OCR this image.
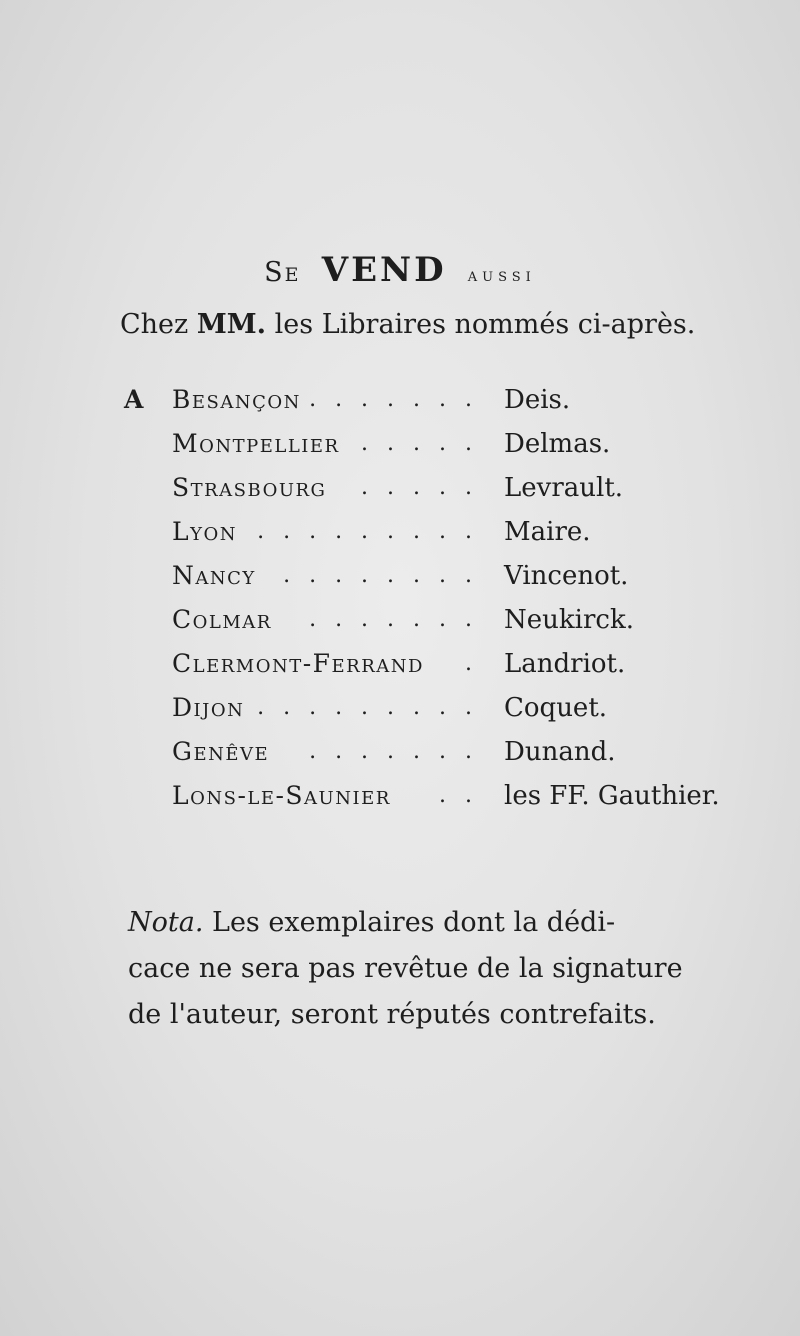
Se VEND aussi
Chez MM. les Libraires nommés ci-après.
A Besançon . . . . . . . Deis.
Montpellier . . . . . Delmas.
Strasbourg . . . . . Levrault.
Lyon . . . . . . . . . Maire.
Nancy . . . . . . . . Vincenot.
Colmar . . . . . . . Neukirck.
Clermont-Ferrand . Landriot.
Dijon . . . . . . . . . Coquet.
Genêve . . . . . . . Dunand.
Lons-le-Saunier . . les FF. Gauthier.
Nota. Les exemplaires dont la dédi-
cace ne sera pas revêtue de la signature
de l'auteur, seront réputés contrefaits.
